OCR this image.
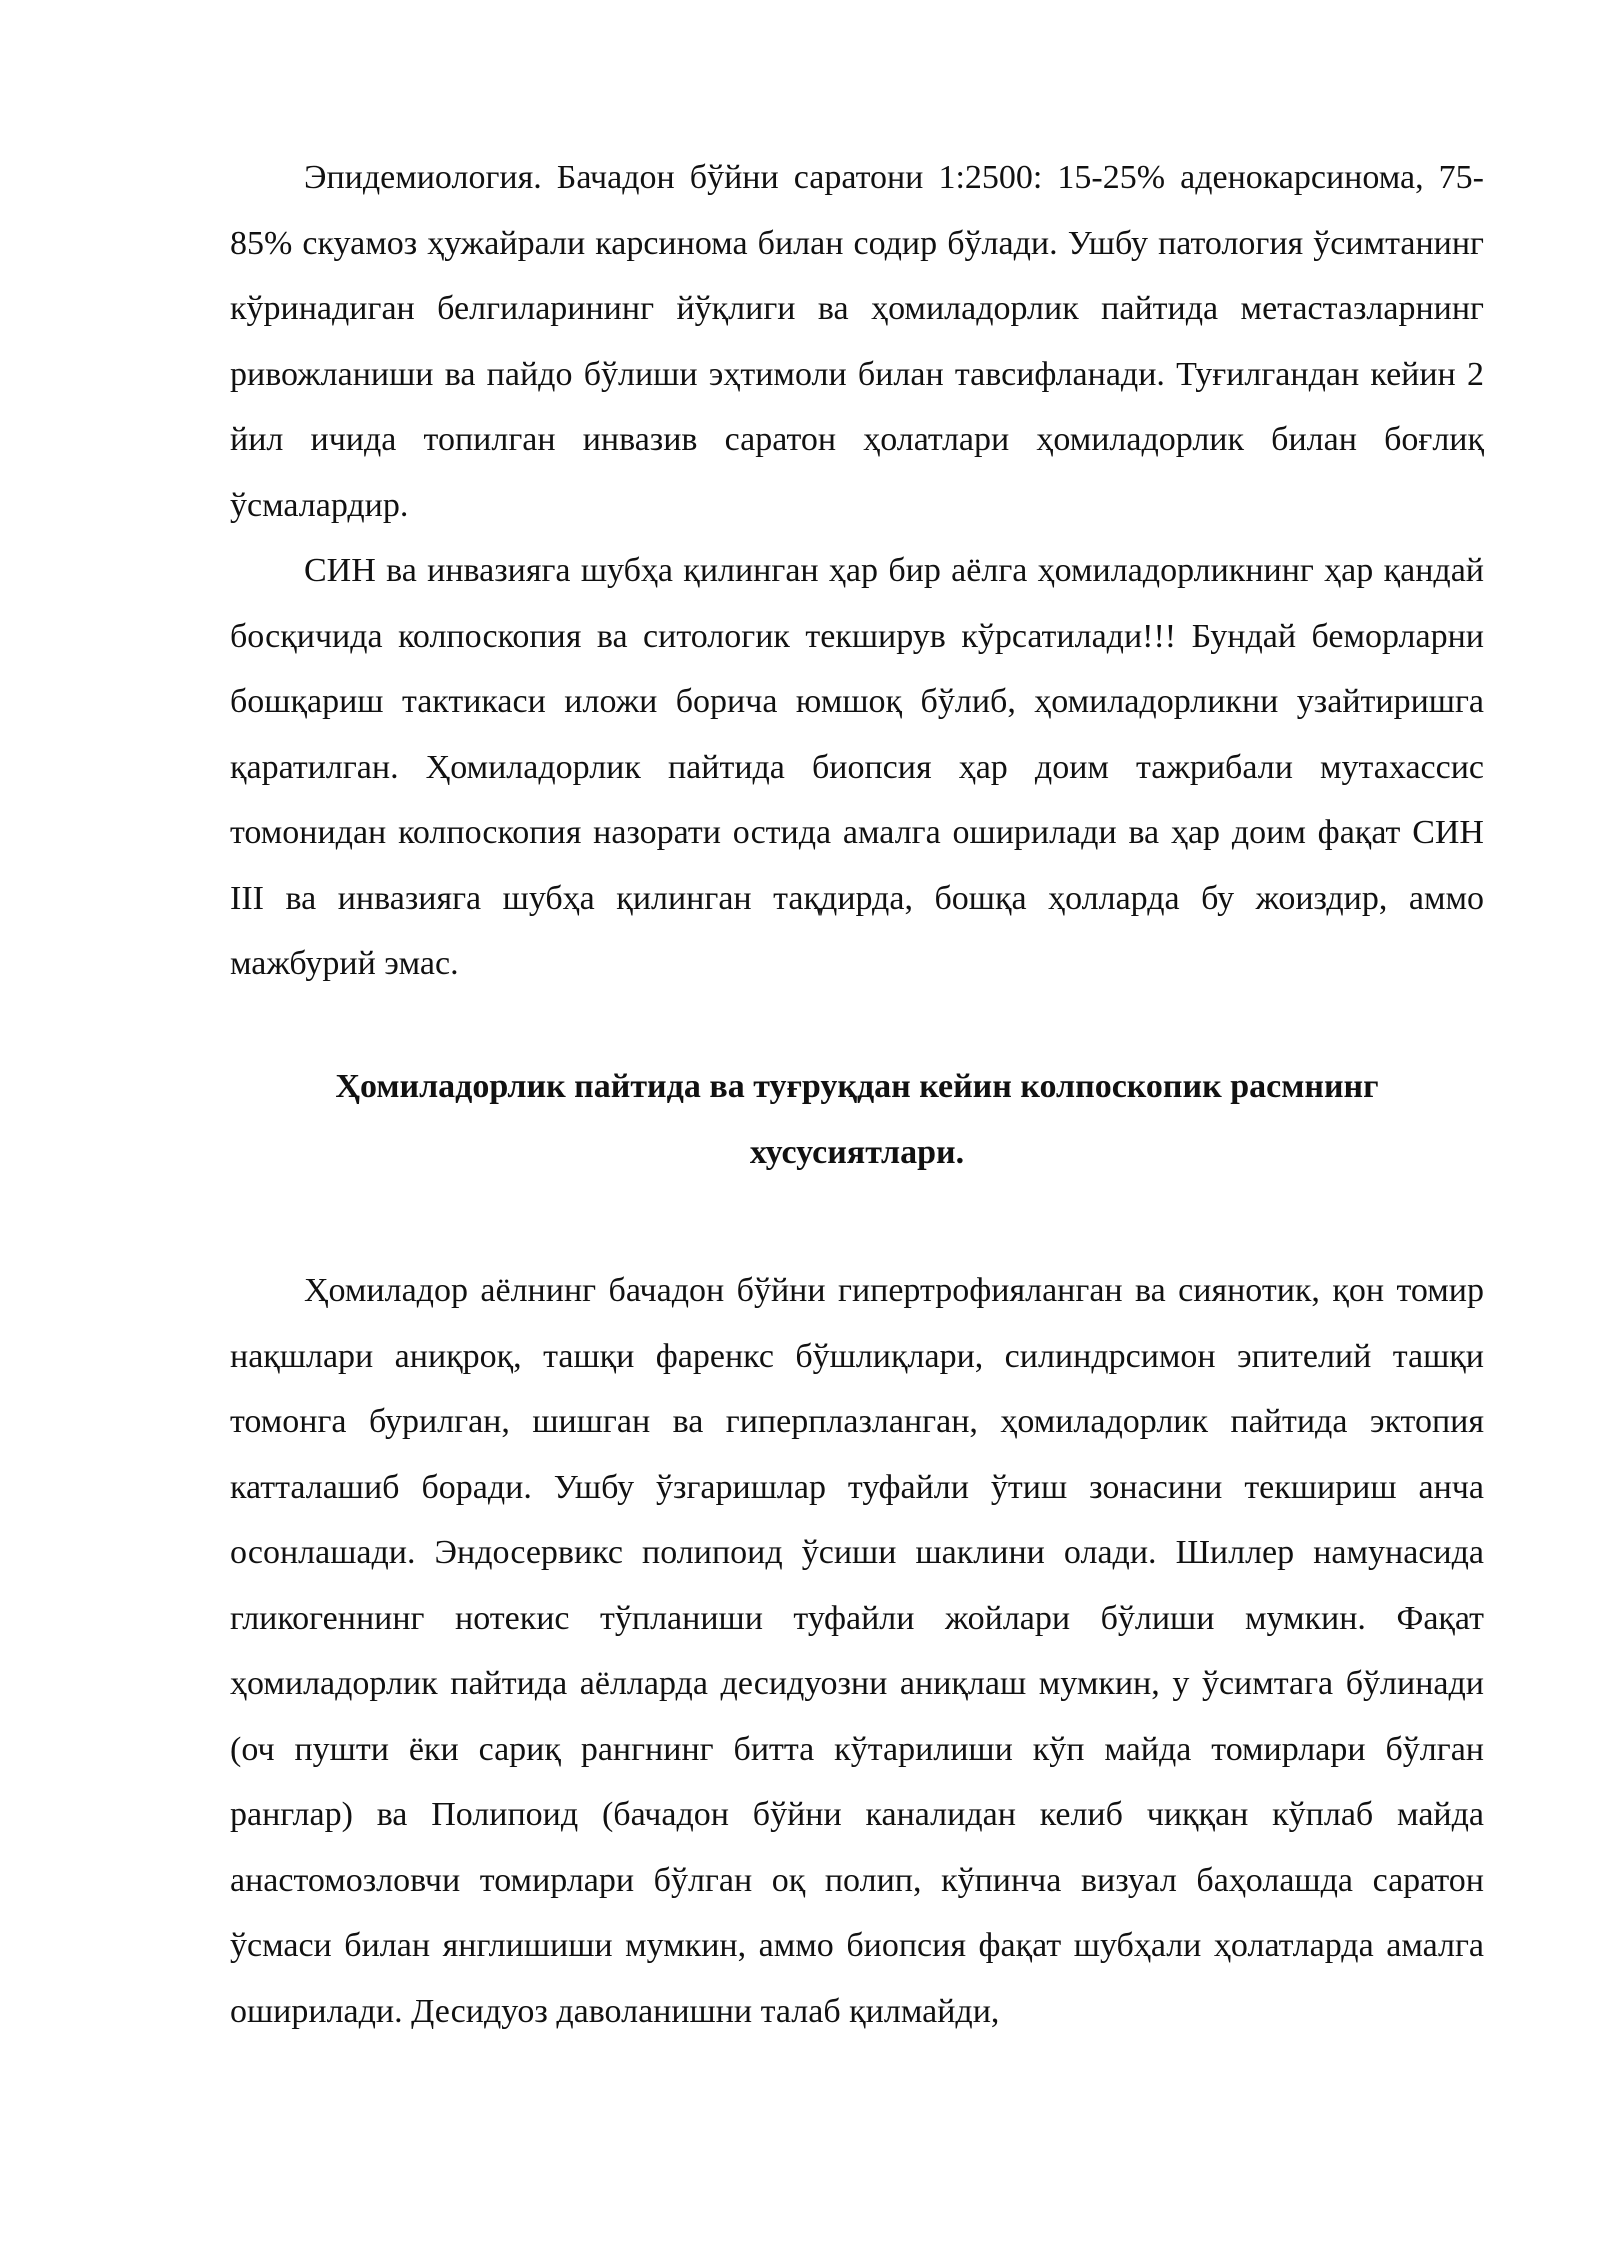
Эпидемиология. Бачадон бўйни саратони 1:2500: 15-25% аденокарсинома, 75-85% скуамоз ҳужайрали карсинома билан содир бўлади. Ушбу патология ўсимтанинг кўринадиган белгиларининг йўқлиги ва ҳомиладорлик пайтида метастазларнинг ривожланиши ва пайдо бўлиши эҳтимоли билан тавсифланади. Туғилгандан кейин 2 йил ичида топилган инвазив саратон ҳолатлари ҳомиладорлик билан боғлиқ ўсмалардир.

СИН ва инвазияга шубҳа қилинган ҳар бир аёлга ҳомиладорликнинг ҳар қандай босқичида колпоскопия ва ситологик текширув кўрсатилади!!! Бундай беморларни бошқариш тактикаси иложи борича юмшоқ бўлиб, ҳомиладорликни узайтиришга қаратилган. Ҳомиладорлик пайтида биопсия ҳар доим тажрибали мутахассис томонидан колпоскопия назорати остида амалга оширилади ва ҳар доим фақат СИН III ва инвазияга шубҳа қилинган тақдирда, бошқа ҳолларда бу жоиздир, аммо мажбурий эмас.

Ҳомиладорлик пайтида ва туғруқдан кейин колпоскопик расмнинг
хусусиятлари.

Ҳомиладор аёлнинг бачадон бўйни гипертрофияланган ва сиянотик, қон томир нақшлари аниқроқ, ташқи фаренкс бўшлиқлари, силиндрсимон эпителий ташқи томонга бурилган, шишган ва гиперплазланган, ҳомиладорлик пайтида эктопия катталашиб боради. Ушбу ўзгаришлар туфайли ўтиш зонасини текшириш анча осонлашади. Эндосервикс полипоид ўсиши шаклини олади. Шиллер намунасида гликогеннинг нотекис тўпланиши туфайли жойлари бўлиши мумкин. Фақат ҳомиладорлик пайтида аёлларда десидуозни аниқлаш мумкин, у ўсимтага бўлинади (оч пушти ёки сариқ рангнинг битта кўтарилиши кўп майда томирлари бўлган ранглар) ва Полипоид (бачадон бўйни каналидан келиб чиққан кўплаб майда анастомозловчи томирлари бўлган оқ полип, кўпинча визуал баҳолашда саратон ўсмаси билан янглишиши мумкин, аммо биопсия фақат шубҳали ҳолатларда амалга оширилади. Десидуоз даволанишни талаб қилмайди,
